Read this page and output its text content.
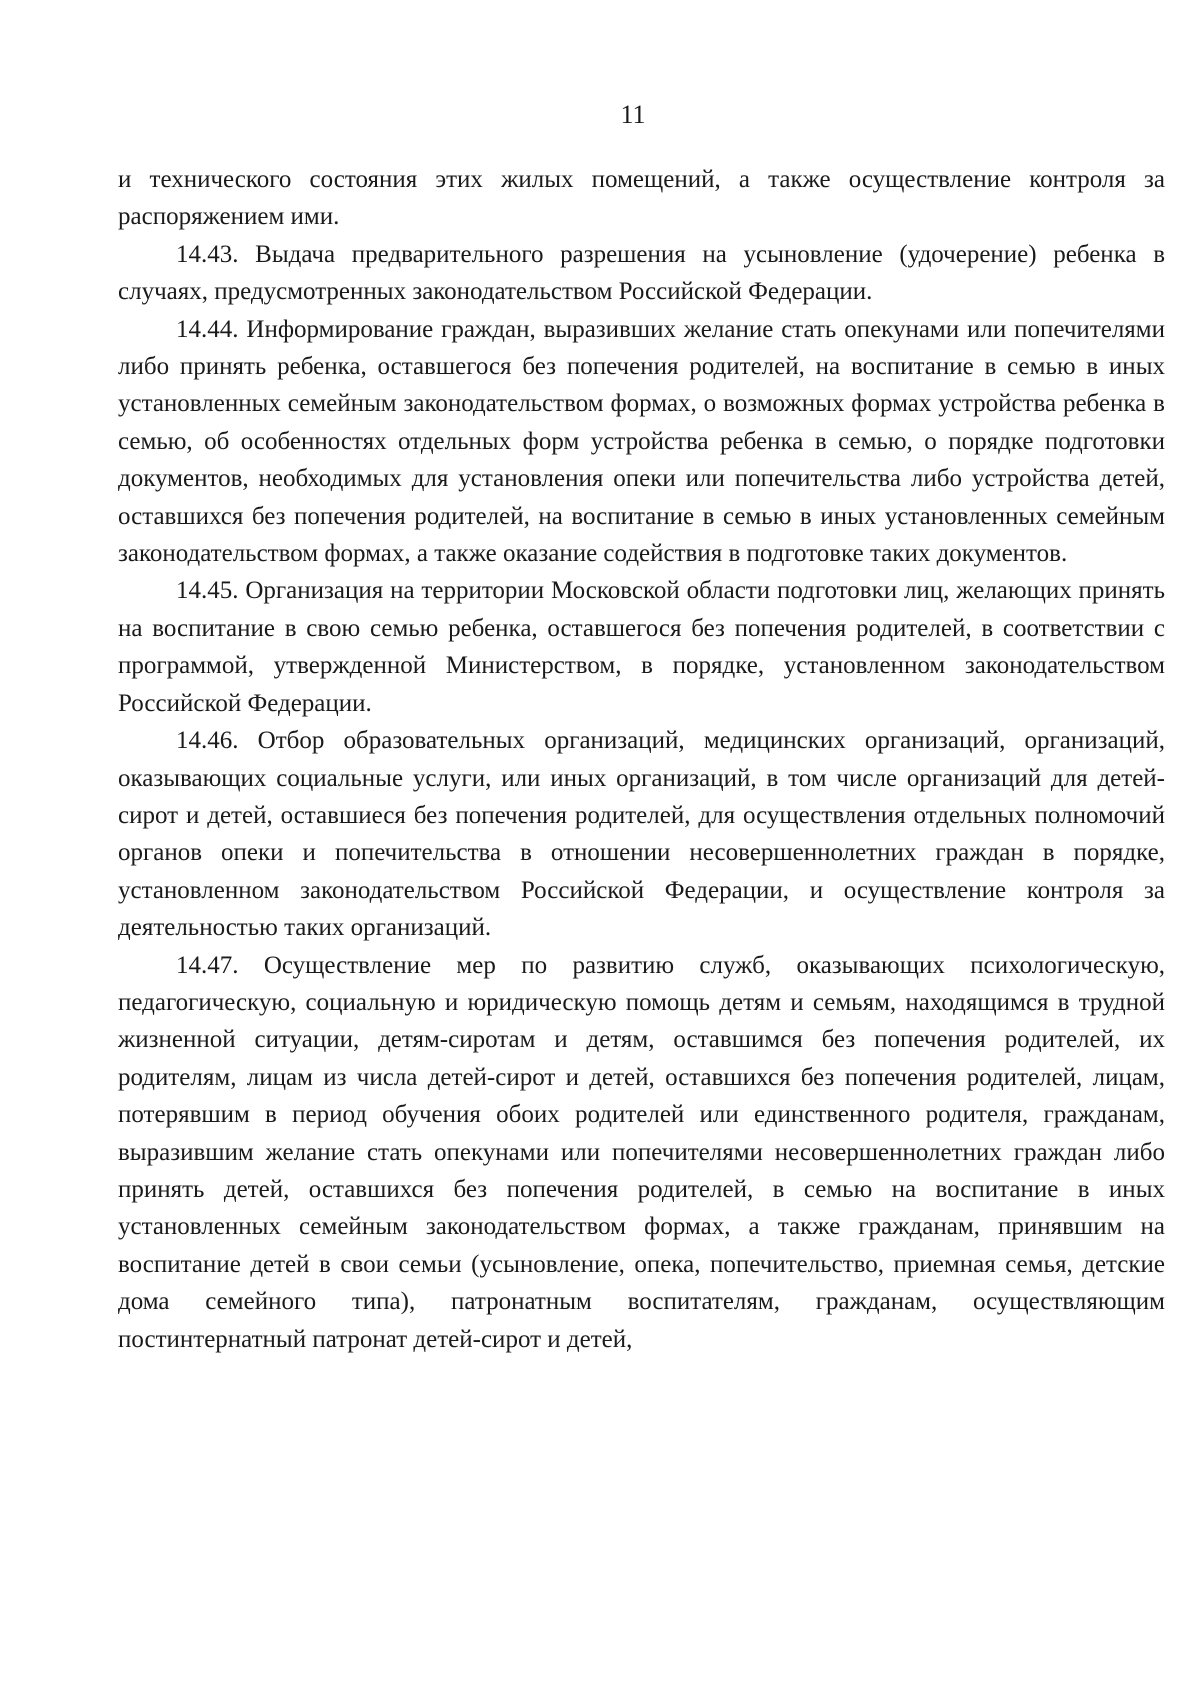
11

и технического состояния этих жилых помещений, а также осуществление контроля за распоряжением ими.

14.43. Выдача предварительного разрешения на усыновление (удочерение) ребенка в случаях, предусмотренных законодательством Российской Федерации.

14.44. Информирование граждан, выразивших желание стать опекунами или попечителями либо принять ребенка, оставшегося без попечения родителей, на воспитание в семью в иных установленных семейным законодательством формах, о возможных формах устройства ребенка в семью, об особенностях отдельных форм устройства ребенка в семью, о порядке подготовки документов, необходимых для установления опеки или попечительства либо устройства детей, оставшихся без попечения родителей, на воспитание в семью в иных установленных семейным законодательством формах, а также оказание содействия в подготовке таких документов.

14.45. Организация на территории Московской области подготовки лиц, желающих принять на воспитание в свою семью ребенка, оставшегося без попечения родителей, в соответствии с программой, утвержденной Министерством, в порядке, установленном законодательством Российской Федерации.

14.46. Отбор образовательных организаций, медицинских организаций, организаций, оказывающих социальные услуги, или иных организаций, в том числе организаций для детей-сирот и детей, оставшиеся без попечения родителей, для осуществления отдельных полномочий органов опеки и попечительства в отношении несовершеннолетних граждан в порядке, установленном законодательством Российской Федерации, и осуществление контроля за деятельностью таких организаций.

14.47. Осуществление мер по развитию служб, оказывающих психологическую, педагогическую, социальную и юридическую помощь детям и семьям, находящимся в трудной жизненной ситуации, детям-сиротам и детям, оставшимся без попечения родителей, их родителям, лицам из числа детей-сирот и детей, оставшихся без попечения родителей, лицам, потерявшим в период обучения обоих родителей или единственного родителя, гражданам, выразившим желание стать опекунами или попечителями несовершеннолетних граждан либо принять детей, оставшихся без попечения родителей, в семью на воспитание в иных установленных семейным законодательством формах, а также гражданам, принявшим на воспитание детей в свои семьи (усыновление, опека, попечительство, приемная семья, детские дома семейного типа), патронатным воспитателям, гражданам, осуществляющим постинтернатный патронат детей-сирот и детей,
